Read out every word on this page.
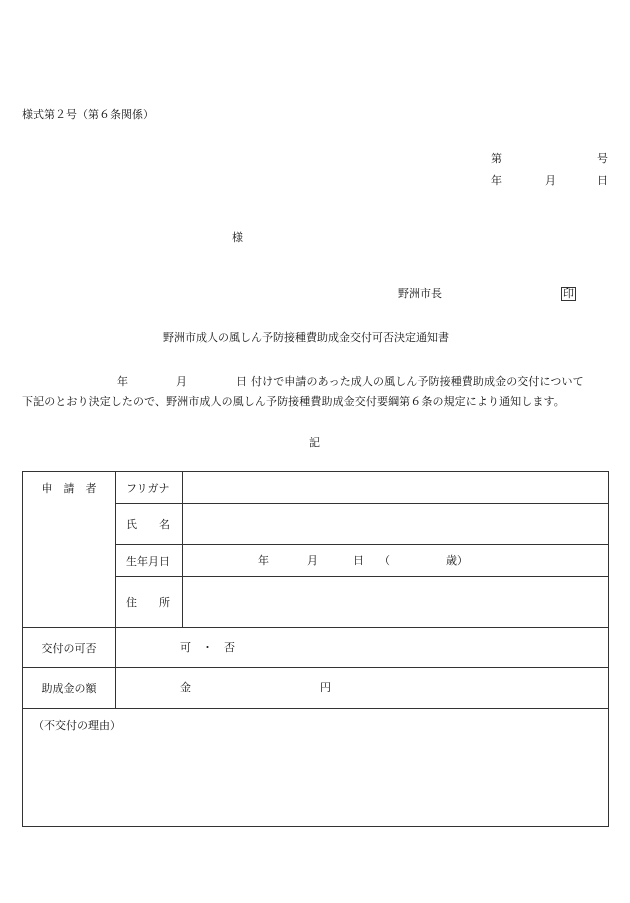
様式第２号（第６条関係）
第	号
年	月	日
様
野洲市長	印
野洲市成人の風しん予防接種費助成金交付可否決定通知書
年	月	日 付けで申請のあった成人の風しん予防接種費助成金の交付について
下記のとおり決定したので、野洲市成人の風しん予防接種費助成金交付要綱第６条の規定により通知します。
記
申　請　者	フリガナ	
	氏　　名	
	生年月日	年 月 日 （ 歳）

	住　　所	
交付の可否	可　・　否	

助成金の額	金 円	

（不交付の理由）		
